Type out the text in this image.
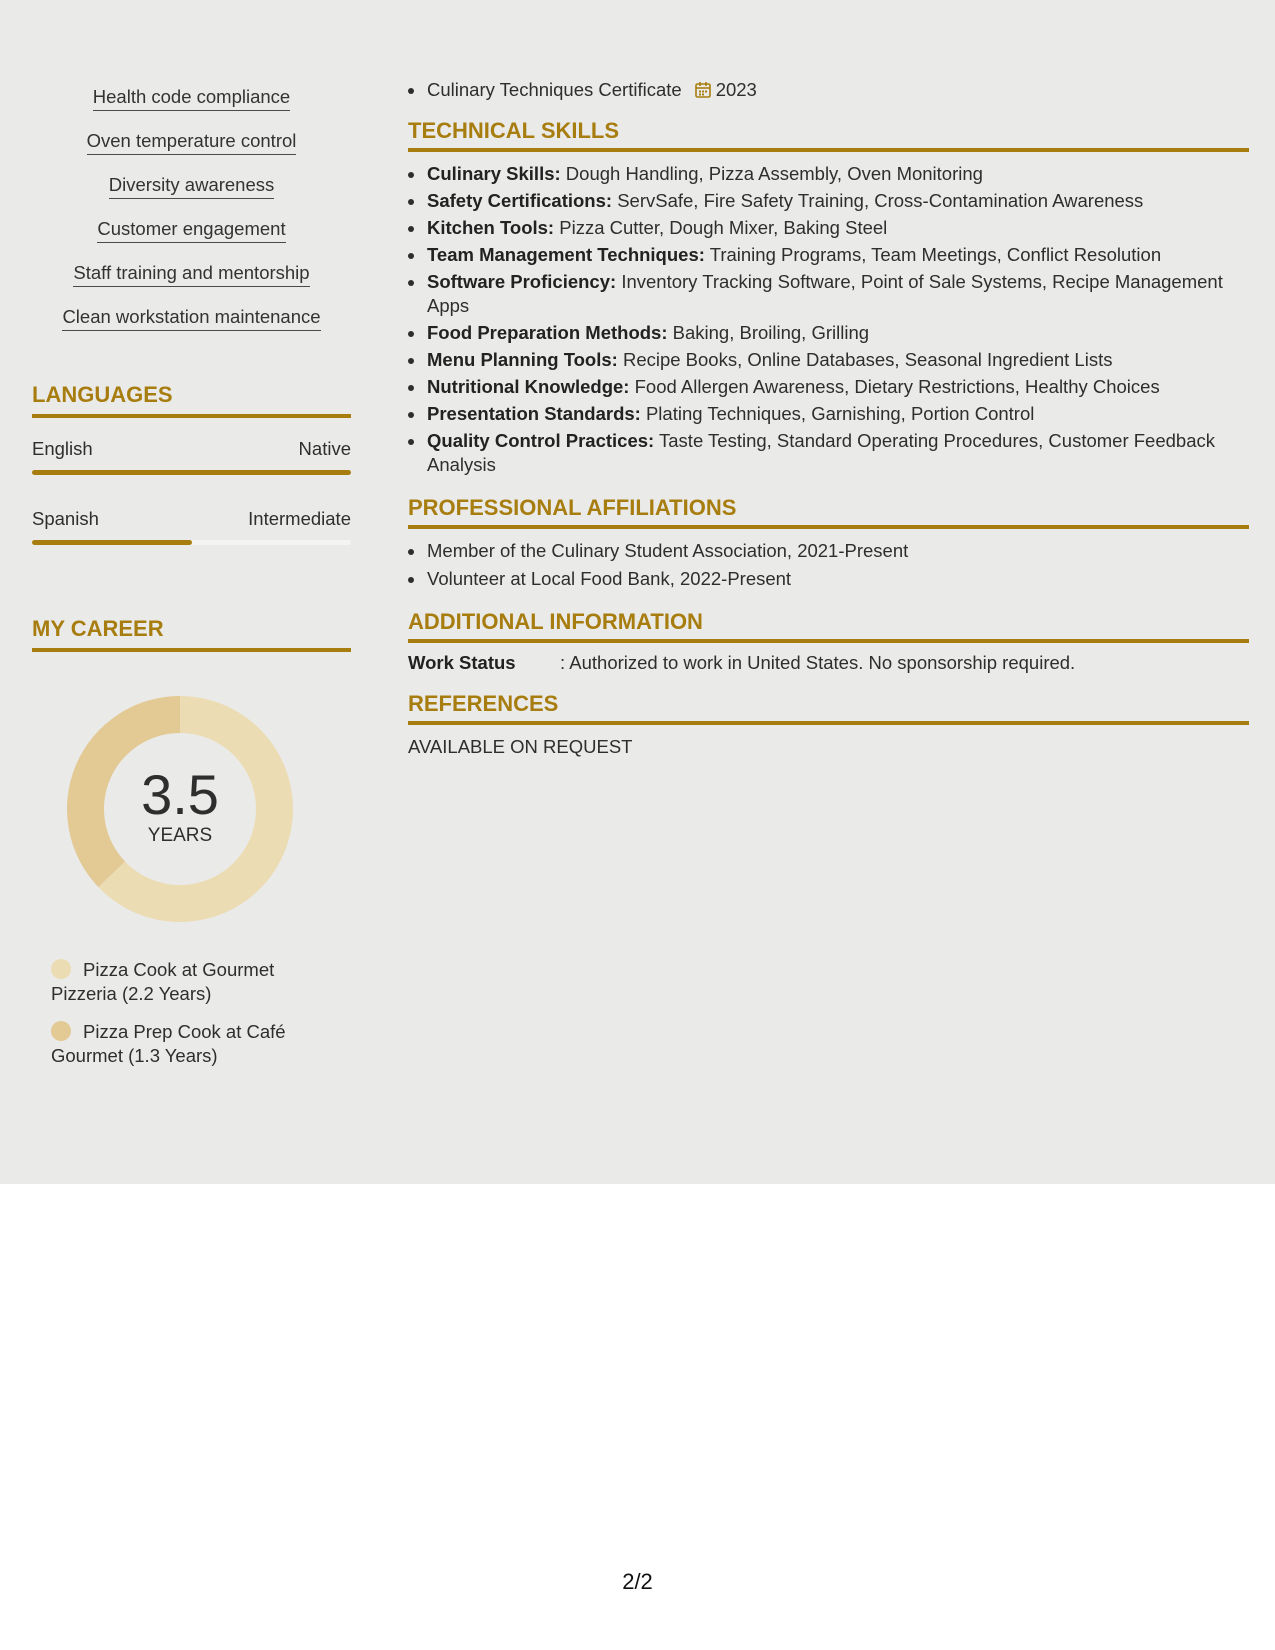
Health code compliance
Oven temperature control
Diversity awareness
Customer engagement
Staff training and mentorship
Clean workstation maintenance
LANGUAGES
English	Native
Spanish	Intermediate
MY CAREER
3.5
YEARS
Pizza Cook at Gourmet Pizzeria (2.2 Years)
Pizza Prep Cook at Café Gourmet (1.3 Years)
Culinary Techniques Certificate 2023
TECHNICAL SKILLS
Culinary Skills: Dough Handling, Pizza Assembly, Oven Monitoring
Safety Certifications: ServSafe, Fire Safety Training, Cross-Contamination Awareness
Kitchen Tools: Pizza Cutter, Dough Mixer, Baking Steel
Team Management Techniques: Training Programs, Team Meetings, Conflict Resolution
Software Proficiency: Inventory Tracking Software, Point of Sale Systems, Recipe Management Apps
Food Preparation Methods: Baking, Broiling, Grilling
Menu Planning Tools: Recipe Books, Online Databases, Seasonal Ingredient Lists
Nutritional Knowledge: Food Allergen Awareness, Dietary Restrictions, Healthy Choices
Presentation Standards: Plating Techniques, Garnishing, Portion Control
Quality Control Practices: Taste Testing, Standard Operating Procedures, Customer Feedback Analysis
PROFESSIONAL AFFILIATIONS
Member of the Culinary Student Association, 2021-Present
Volunteer at Local Food Bank, 2022-Present
ADDITIONAL INFORMATION
Work Status	: Authorized to work in United States. No sponsorship required.
REFERENCES
AVAILABLE ON REQUEST
2/2
